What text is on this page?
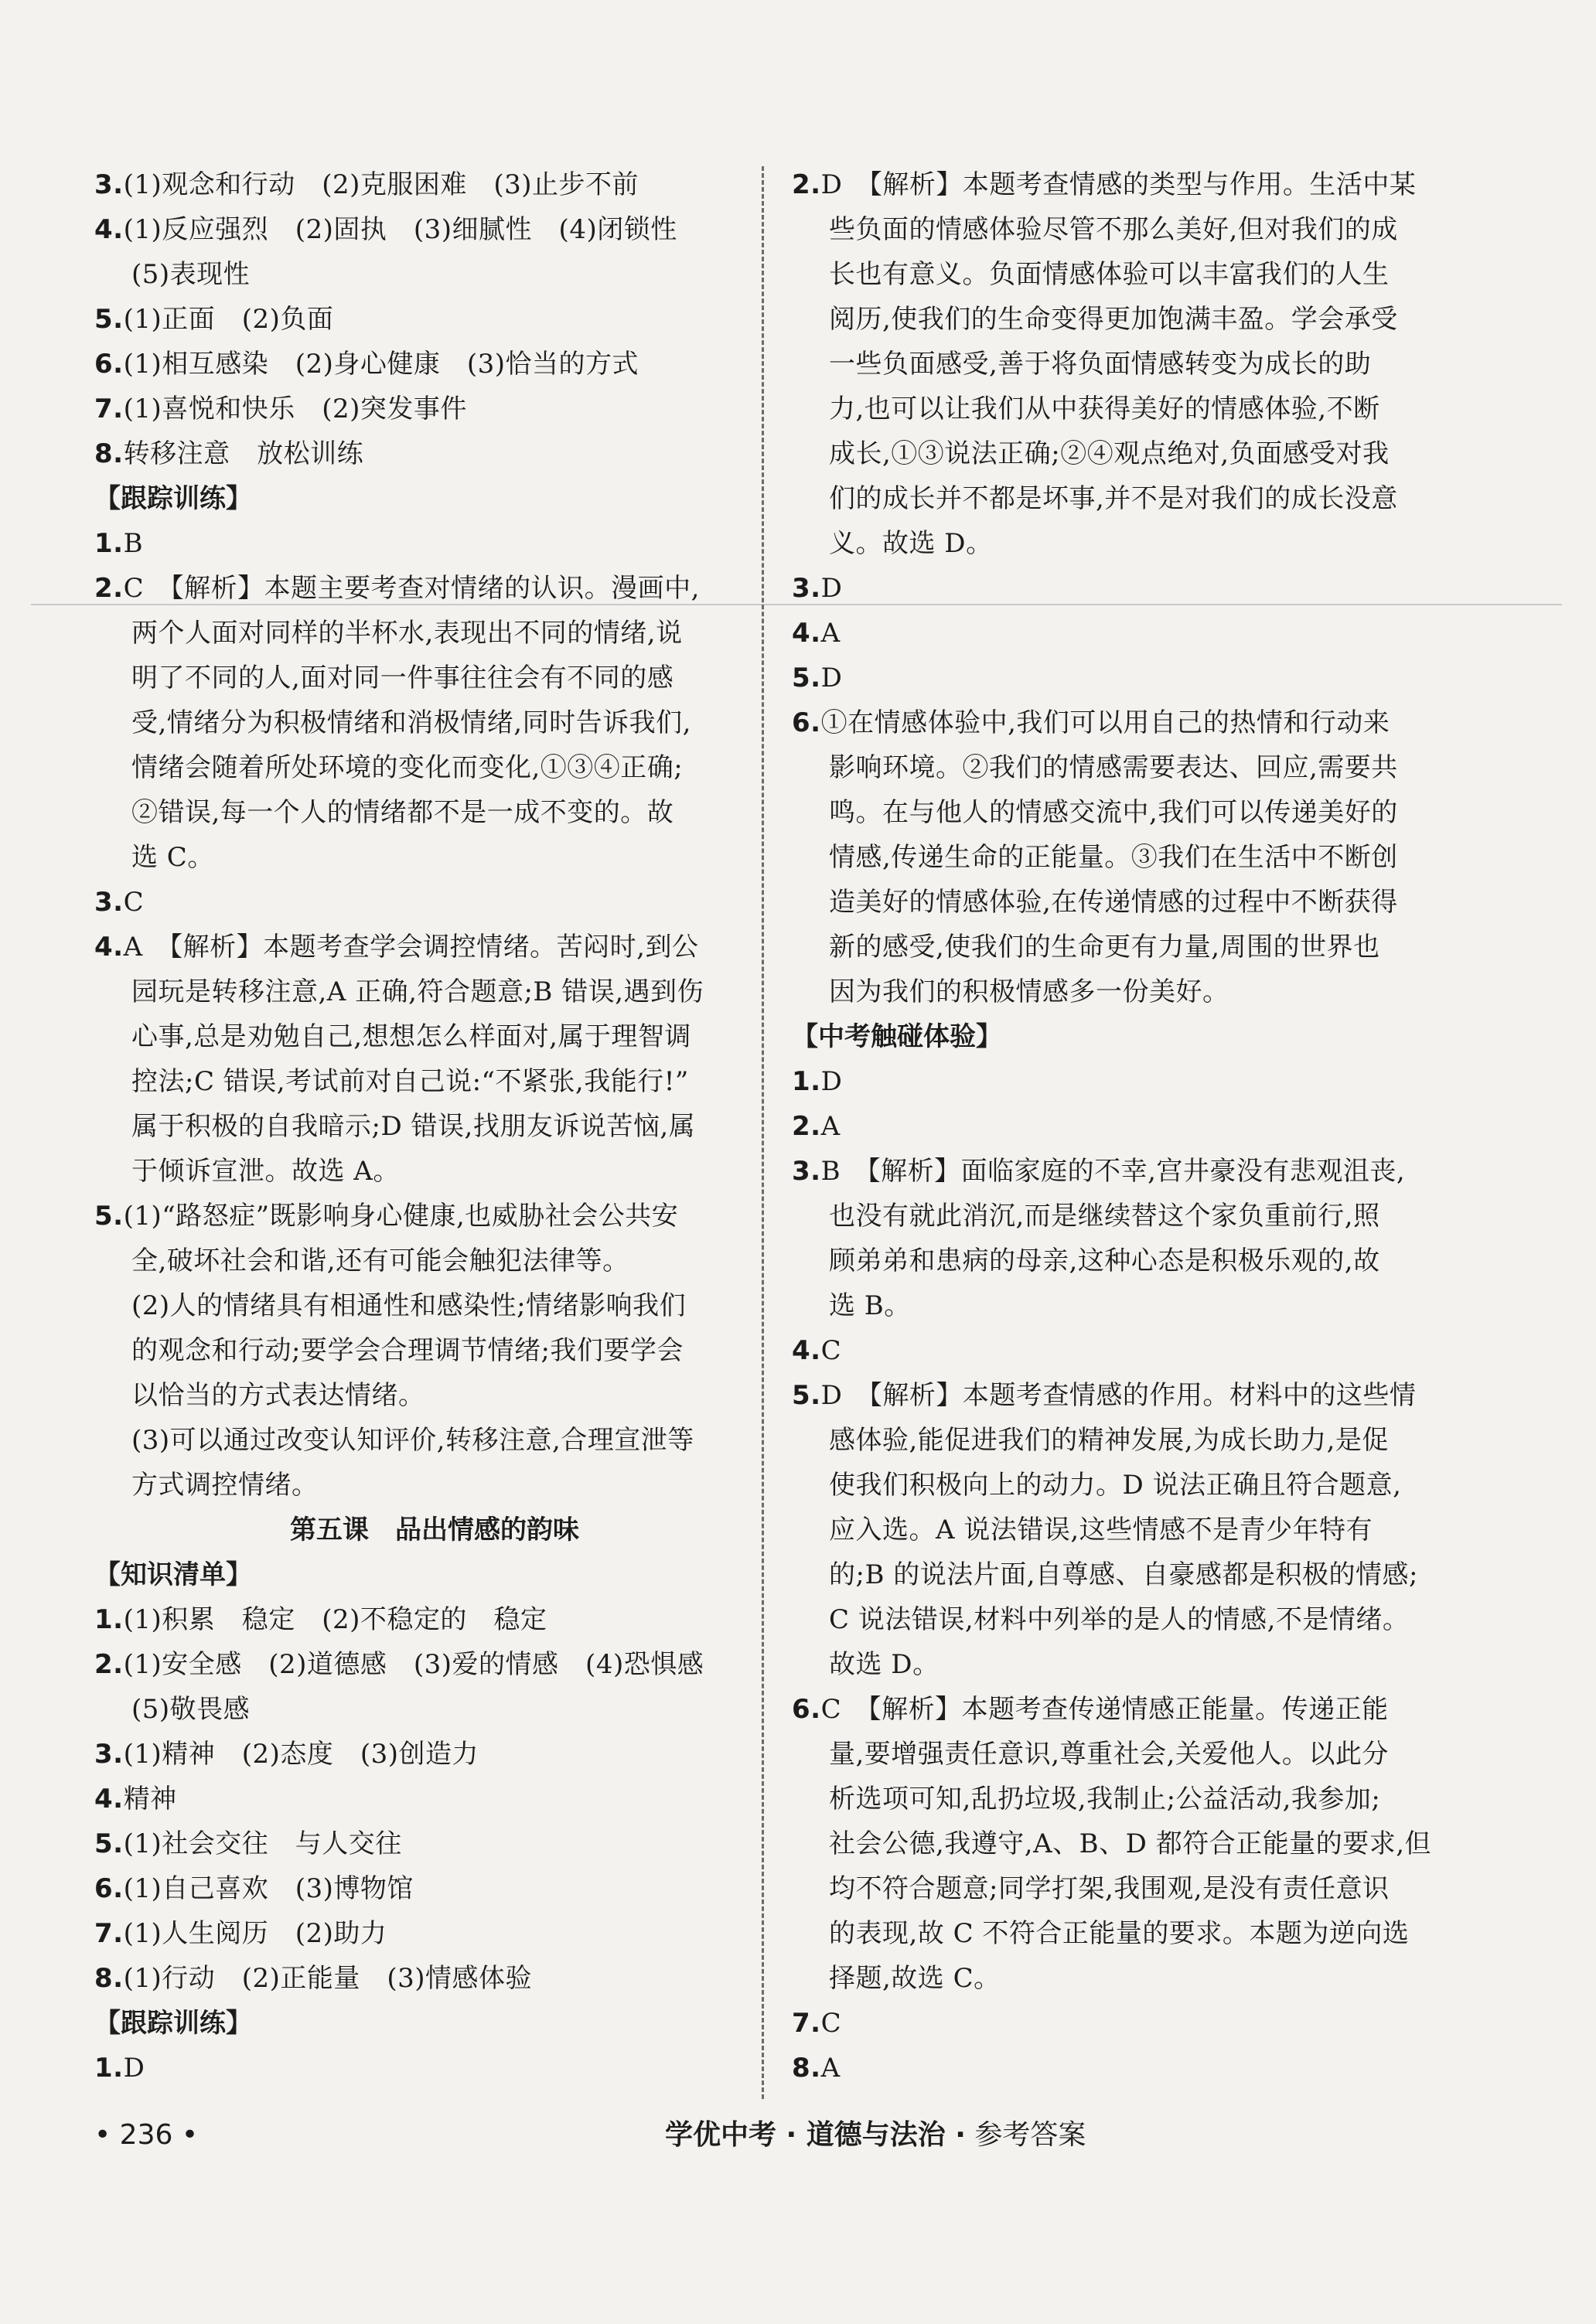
3.(1)观念和行动　(2)克服困难　(3)止步不前
4.(1)反应强烈　(2)固执　(3)细腻性　(4)闭锁性
(5)表现性
5.(1)正面　(2)负面
6.(1)相互感染　(2)身心健康　(3)恰当的方式
7.(1)喜悦和快乐　(2)突发事件
8.转移注意　放松训练
【跟踪训练】
1.B
2.C　【解析】本题主要考查对情绪的认识。漫画中,
两个人面对同样的半杯水,表现出不同的情绪,说
明了不同的人,面对同一件事往往会有不同的感
受,情绪分为积极情绪和消极情绪,同时告诉我们,
情绪会随着所处环境的变化而变化,①③④正确;
②错误,每一个人的情绪都不是一成不变的。故
选 C。
3.C
4.A　【解析】本题考查学会调控情绪。苦闷时,到公
园玩是转移注意,A 正确,符合题意;B 错误,遇到伤
心事,总是劝勉自己,想想怎么样面对,属于理智调
控法;C 错误,考试前对自己说:“不紧张,我能行!”
属于积极的自我暗示;D 错误,找朋友诉说苦恼,属
于倾诉宣泄。故选 A。
5.(1)“路怒症”既影响身心健康,也威胁社会公共安
全,破坏社会和谐,还有可能会触犯法律等。
(2)人的情绪具有相通性和感染性;情绪影响我们
的观念和行动;要学会合理调节情绪;我们要学会
以恰当的方式表达情绪。
(3)可以通过改变认知评价,转移注意,合理宣泄等
方式调控情绪。
第五课　品出情感的韵味
【知识清单】
1.(1)积累　稳定　(2)不稳定的　稳定
2.(1)安全感　(2)道德感　(3)爱的情感　(4)恐惧感
(5)敬畏感
3.(1)精神　(2)态度　(3)创造力
4.精神
5.(1)社会交往　与人交往
6.(1)自己喜欢　(3)博物馆
7.(1)人生阅历　(2)助力
8.(1)行动　(2)正能量　(3)情感体验
【跟踪训练】
1.D
2.D　【解析】本题考查情感的类型与作用。生活中某
些负面的情感体验尽管不那么美好,但对我们的成
长也有意义。负面情感体验可以丰富我们的人生
阅历,使我们的生命变得更加饱满丰盈。学会承受
一些负面感受,善于将负面情感转变为成长的助
力,也可以让我们从中获得美好的情感体验,不断
成长,①③说法正确;②④观点绝对,负面感受对我
们的成长并不都是坏事,并不是对我们的成长没意
义。故选 D。
3.D
4.A
5.D
6.①在情感体验中,我们可以用自己的热情和行动来
影响环境。②我们的情感需要表达、回应,需要共
鸣。在与他人的情感交流中,我们可以传递美好的
情感,传递生命的正能量。③我们在生活中不断创
造美好的情感体验,在传递情感的过程中不断获得
新的感受,使我们的生命更有力量,周围的世界也
因为我们的积极情感多一份美好。
【中考触碰体验】
1.D
2.A
3.B　【解析】面临家庭的不幸,宫井豪没有悲观沮丧,
也没有就此消沉,而是继续替这个家负重前行,照
顾弟弟和患病的母亲,这种心态是积极乐观的,故
选 B。
4.C
5.D　【解析】本题考查情感的作用。材料中的这些情
感体验,能促进我们的精神发展,为成长助力,是促
使我们积极向上的动力。D 说法正确且符合题意,
应入选。A 说法错误,这些情感不是青少年特有
的;B 的说法片面,自尊感、自豪感都是积极的情感;
C 说法错误,材料中列举的是人的情感,不是情绪。
故选 D。
6.C　【解析】本题考查传递情感正能量。传递正能
量,要增强责任意识,尊重社会,关爱他人。以此分
析选项可知,乱扔垃圾,我制止;公益活动,我参加;
社会公德,我遵守,A、B、D 都符合正能量的要求,但
均不符合题意;同学打架,我围观,是没有责任意识
的表现,故 C 不符合正能量的要求。本题为逆向选
择题,故选 C。
7.C
8.A
• 236 •	学优中考 · 道德与法治 · 参考答案
